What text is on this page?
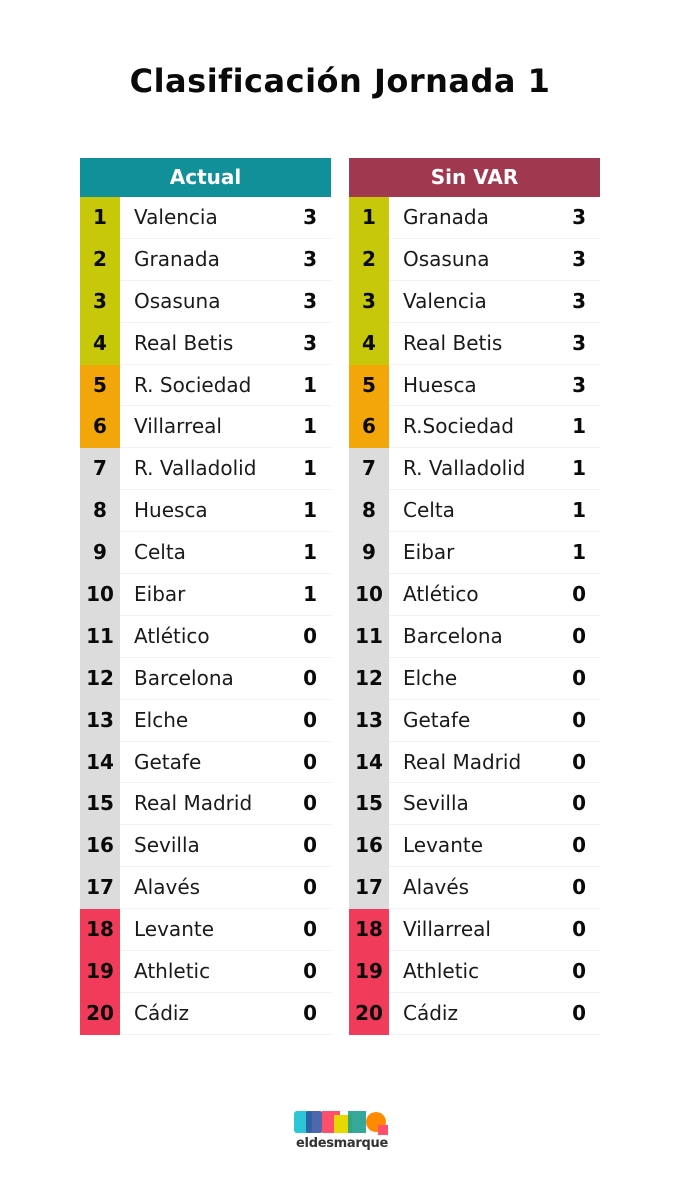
Clasificación Jornada 1
Actual
1	Valencia	3
2	Granada	3
3	Osasuna	3
4	Real Betis	3
5	R. Sociedad	1
6	Villarreal	1
7	R. Valladolid 1
8	Huesca	1
9	Celta	1
10	Eibar	1
11	Atlético	0
12	Barcelona	0
13	Elche	0
14	Getafe	0
15	Real Madrid	0
16	Sevilla	0
17	Alavés	0
18	Levante	0
19	Athletic	0
20	Cádiz	0
Sin VAR
1	Granada	3
2	Osasuna	3
3	Valencia	3
4	Real Betis	3
5	Huesca	3
6	R.Sociedad	1
7	R. Valladolid 1
8	Celta	1
9	Eibar	1
10	Atlético	0
11	Barcelona	0
12	Elche	0
13	Getafe	0
14	Real Madrid	0
15	Sevilla	0
16	Levante	0
17	Alavés	0
18	Villarreal	0
19	Athletic	0
20	Cádiz	0
eldesmarque
